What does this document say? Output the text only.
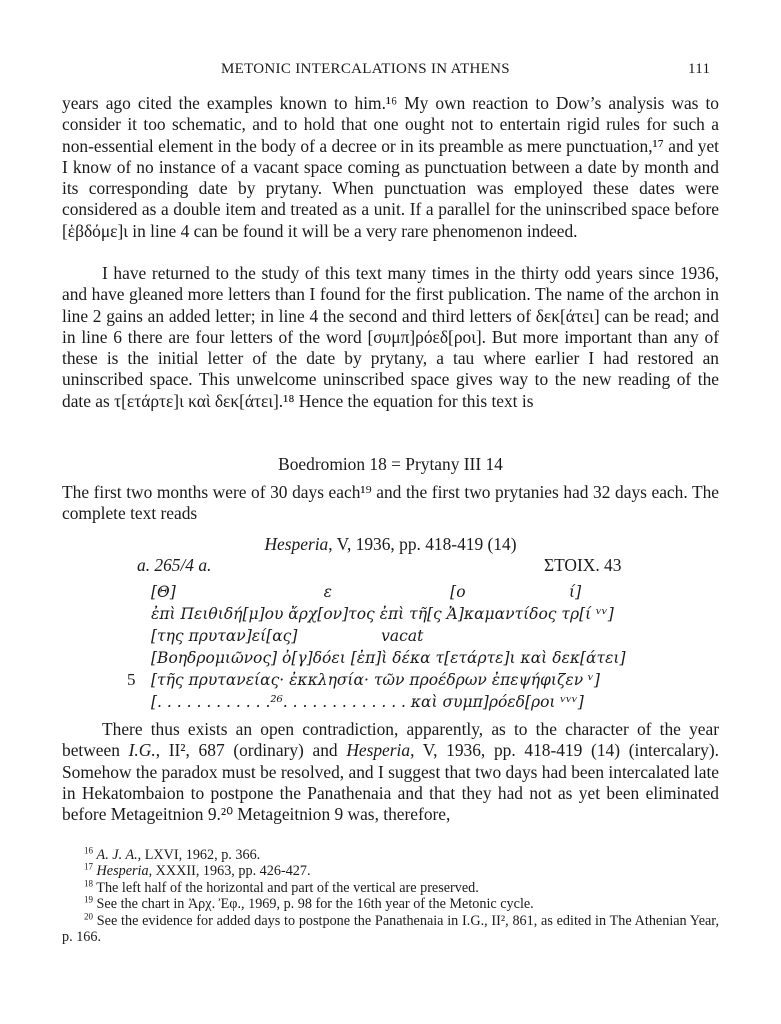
METONIC INTERCALATIONS IN ATHENS	111
years ago cited the examples known to him.¹⁶ My own reaction to Dow’s analysis was to consider it too schematic, and to hold that one ought not to entertain rigid rules for such a non-essential element in the body of a decree or in its preamble as mere punctuation,¹⁷ and yet I know of no instance of a vacant space coming as punctuation between a date by month and its corresponding date by prytany. When punctuation was employed these dates were considered as a double item and treated as a unit. If a parallel for the uninscribed space before [ἑβδόμε]ι in line 4 can be found it will be a very rare phenomenon indeed.
I have returned to the study of this text many times in the thirty odd years since 1936, and have gleaned more letters than I found for the first publication. The name of the archon in line 2 gains an added letter; in line 4 the second and third letters of δεκ[άτει] can be read; and in line 6 there are four letters of the word [συμπ]ρόεδ[ροι]. But more important than any of these is the initial letter of the date by prytany, a tau where earlier I had restored an uninscribed space. This unwelcome uninscribed space gives way to the new reading of the date as τ[ετάρτε]ι καὶ δεκ[άτει].¹⁸ Hence the equation for this text is
Boedromion 18 = Prytany III 14
The first two months were of 30 days each¹⁹ and the first two prytanies had 32 days each. The complete text reads
Hesperia, V, 1936, pp. 418-419 (14)
a. 265/4 a.	ΣΤΟΙΧ. 43
[Θ]                              ε                        [ο                     ί]
ἐπὶ Πειθιδή[μ]ου ἄρχ[ον]τος ἐπὶ τῆ[ς Ἀ]καμαντίδος τρ[ί ᵛᵛ]
[της πρυταν]εί[ας]                 vacat
[Βοηδρομιῶνος] ὀ[γ]δόει [ἐπ]ὶ δέκα τ[ετάρτε]ι καὶ δεκ[άτει]
5 [τῆς πρυτανείας· ἐκκλησία· τῶν προέδρων ἐπεψήφιζεν ᵛ]
[. . . . . . . . . . . .²⁶. . . . . . . . . . . . . καὶ συμπ]ρόεδ[ροι ᵛᵛᵛ]
There thus exists an open contradiction, apparently, as to the character of the year between I.G., II², 687 (ordinary) and Hesperia, V, 1936, pp. 418-419 (14) (intercalary). Somehow the paradox must be resolved, and I suggest that two days had been intercalated late in Hekatombaion to postpone the Panathenaia and that they had not as yet been eliminated before Metageitnion 9.²⁰ Metageitnion 9 was, therefore,
$^{16}$ A. J. A., LXVI, 1962, p. 366.
$^{17}$ Hesperia, XXXII, 1963, pp. 426-427.
$^{18}$ The left half of the horizontal and part of the vertical are preserved.
$^{19}$ See the chart in Ἀρχ. Ἐφ., 1969, p. 98 for the 16th year of the Metonic cycle.
$^{20}$ See the evidence for added days to postpone the Panathenaia in I.G., II², 861, as edited in The Athenian Year, p. 166.
